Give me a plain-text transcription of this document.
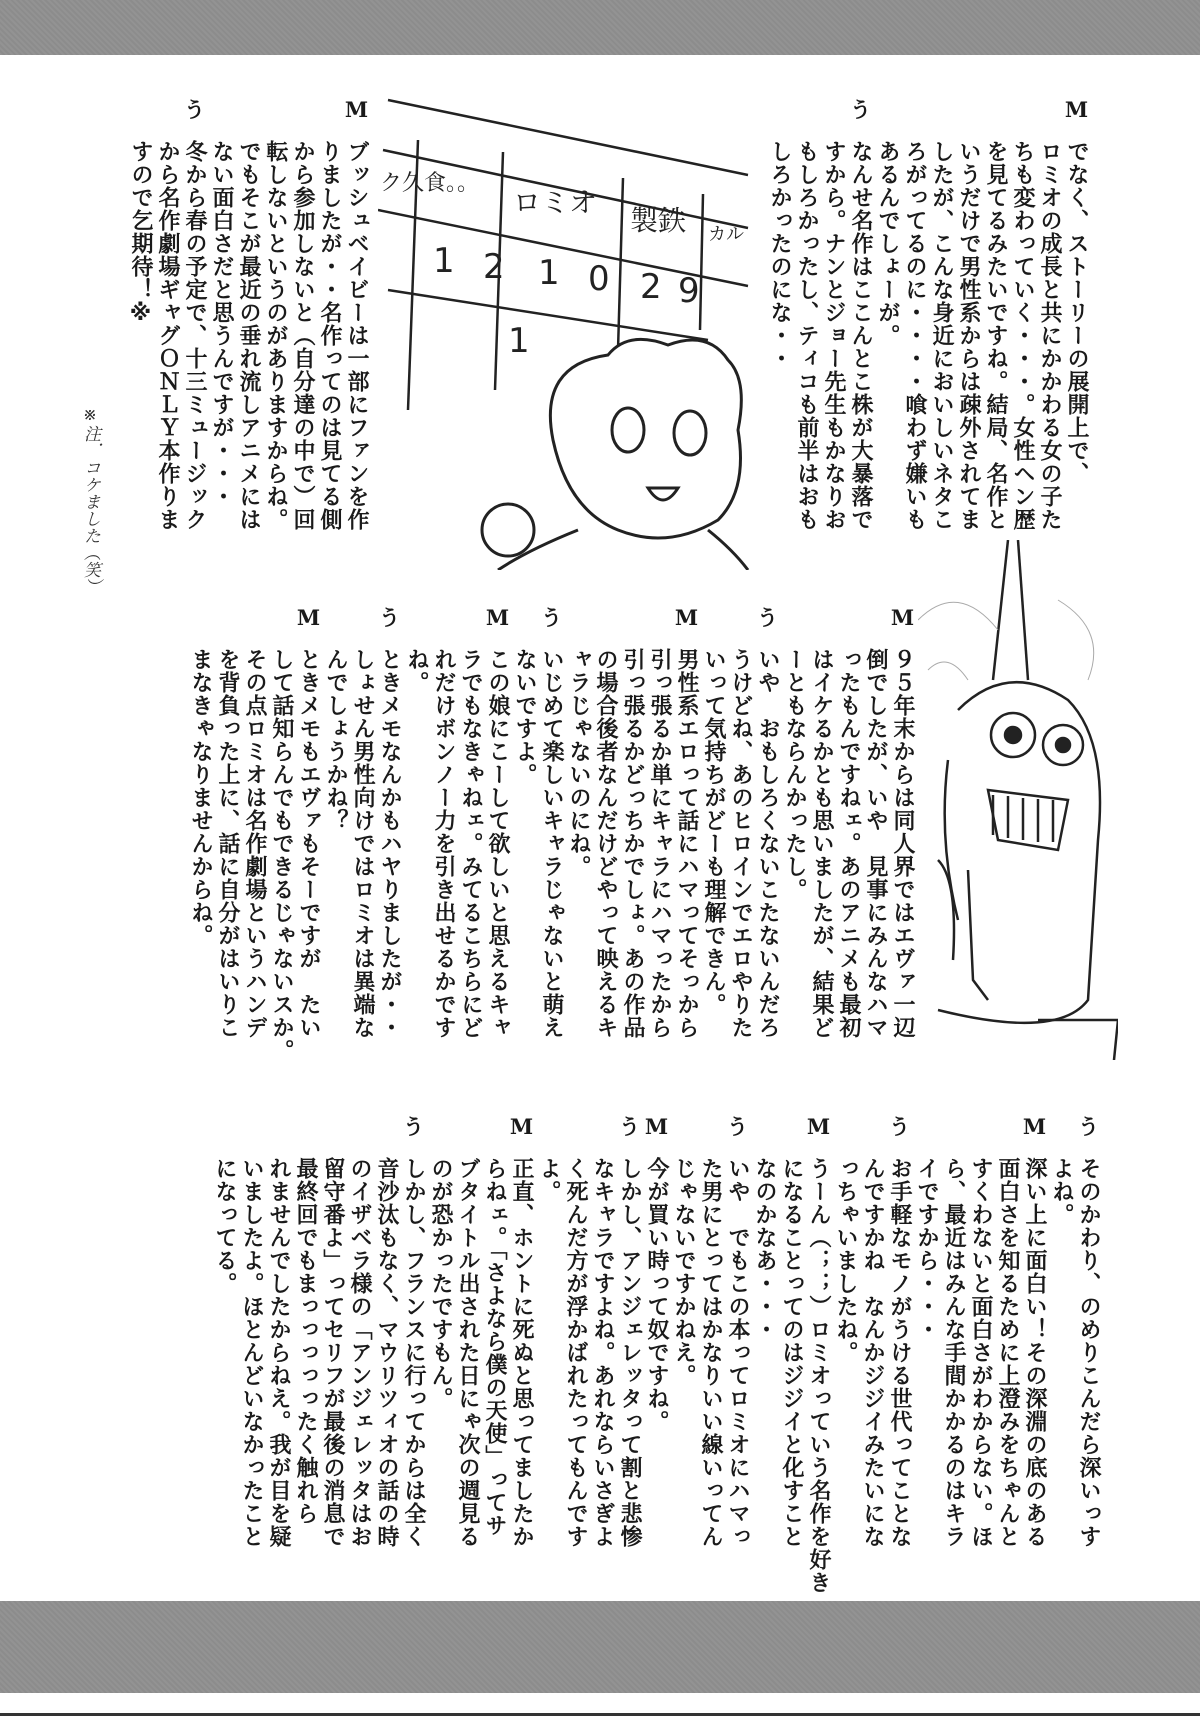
M
でなく、ストーリーの展開上で、
ロミオの成長と共にかかわる女の子た
ちも変わっていく・・・。女性ヘン歴
を見てるみたいですね。結局、名作と
いうだけで男性系からは疎外されてま
したが、こんな身近においしいネタこ
ろがってるのに・・・・喰わず嫌いも
あるんでしょーが。
う
なんせ名作はここんとこ株が大暴落で
すから。ナンとジョー先生もかなりお
もしろかったし、ティコも前半はおも
しろかったのにな・・
M
ブッシュベイビーは一部にファンを作
りましたが・・名作ってのは見てる側
から参加しないと（自分達の中で）回
転しないというのがありますからね。
でもそこが最近の垂れ流しアニメには
ない面白さだと思うんですが・・・
う
冬から春の予定で、十三ミュージック
から名作劇場ギャグＯＮＬＹ本作りま
すので乞期待！※
M
９５年末からは同人界ではエヴァ一辺
倒でしたが、いや　見事にみんなハマ
ったもんですねェ。あのアニメも最初
はイケるかとも思いましたが、結果ど
ーともならんかったし。
う
いや　おもしろくないこたないんだろ
うけどね、あのヒロインでエロやりた
いって気持ちがどーも理解できん。
M
男性系エロって話にハマってそっから
引っ張るか単にキャラにハマったから
引っ張るかどっちかでしょ。あの作品
の場合後者なんだけどやって映えるキ
ャラじゃないのにね。
う
いじめて楽しいキャラじゃないと萌え
ないですよ。
M
この娘にこーして欲しいと思えるキャ
ラでもなきゃねェ。みてるこちらにど
れだけボンノー力を引き出せるかです
ね。
う
ときメモなんかもハヤりましたが・・
しょせん男性向けではロミオは異端な
んでしょうかね？
M
ときメモもエヴァもそーですが　たい
して話知らんでもできるじゃないスか。
その点ロミオは名作劇場というハンデ
を背負った上に、話に自分がはいりこ
まなきゃなりませんからね。
う
そのかわり、のめりこんだら深いっす
よね。
M
深い上に面白い！その深淵の底のある
面白さを知るために上澄みをちゃんと
すくわないと面白さがわからない。ほ
ら、最近はみんな手間かかるのはキラ
イですから・・・
う
お手軽なモノがうける世代ってことな
んですかね　なんかジジイみたいにな
っちゃいましたね。
M
うーん（；；）ロミオっていう名作を好き
になることってのはジジイと化すこと
なのかなあ・・・
う
いや　でもこの本ってロミオにハマっ
た男にとってはかなりいい線いってん
じゃないですかねえ。
M
今が買い時って奴ですね。
う
しかし、アンジェレッタって割と悲惨
なキャラですよね。あれならいさぎよ
く死んだ方が浮かばれたってもんです
よ。
M
正直、ホントに死ぬと思ってましたか
らねェ。「さよなら僕の天使」ってサ
ブタイトル出された日にゃ次の週見る
のが恐かったですもん。
う
しかし、フランスに行ってからは全く
音沙汰もなく、マウリツィオの話の時
のイザベラ様の「アンジェレッタはお
留守番よ」ってセリフが最後の消息で
最終回でもまっっっっったく触れら
れませんでしたからねえ。我が目を疑
いましたよ。ほとんどいなかったこと
になってる。
※注．コケました（笑）
ク久食。。
ロミオ
製鉄 カル
1 2 1 0 2 9
1
